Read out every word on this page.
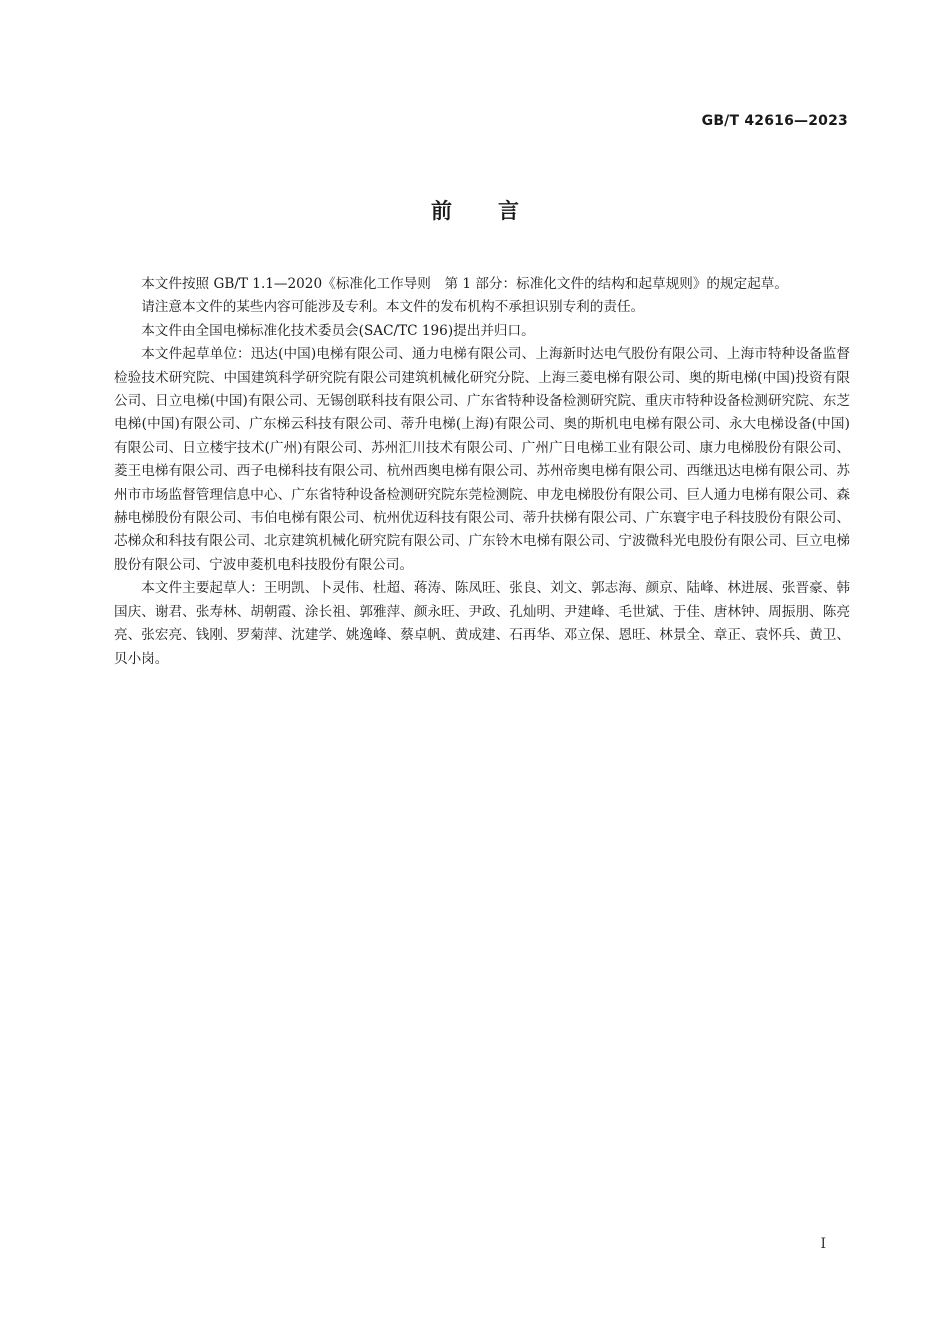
GB/T 42616—2023
前言

本文件按照 GB/T 1.1—2020《标准化工作导则　第 1 部分：标准化文件的结构和起草规则》的规定起草。

请注意本文件的某些内容可能涉及专利。本文件的发布机构不承担识别专利的责任。

本文件由全国电梯标准化技术委员会(SAC/TC 196)提出并归口。

本文件起草单位：迅达(中国)电梯有限公司、通力电梯有限公司、上海新时达电气股份有限公司、上海市特种设备监督检验技术研究院、中国建筑科学研究院有限公司建筑机械化研究分院、上海三菱电梯有限公司、奥的斯电梯(中国)投资有限公司、日立电梯(中国)有限公司、无锡创联科技有限公司、广东省特种设备检测研究院、重庆市特种设备检测研究院、东芝电梯(中国)有限公司、广东梯云科技有限公司、蒂升电梯(上海)有限公司、奥的斯机电电梯有限公司、永大电梯设备(中国)有限公司、日立楼宇技术(广州)有限公司、苏州汇川技术有限公司、广州广日电梯工业有限公司、康力电梯股份有限公司、菱王电梯有限公司、西子电梯科技有限公司、杭州西奥电梯有限公司、苏州帝奥电梯有限公司、西继迅达电梯有限公司、苏州市市场监督管理信息中心、广东省特种设备检测研究院东莞检测院、申龙电梯股份有限公司、巨人通力电梯有限公司、森赫电梯股份有限公司、韦伯电梯有限公司、杭州优迈科技有限公司、蒂升扶梯有限公司、广东寰宇电子科技股份有限公司、芯梯众和科技有限公司、北京建筑机械化研究院有限公司、广东铃木电梯有限公司、宁波微科光电股份有限公司、巨立电梯股份有限公司、宁波申菱机电科技股份有限公司。

本文件主要起草人：王明凯、卜灵伟、杜超、蒋涛、陈凤旺、张良、刘文、郭志海、颜京、陆峰、林进展、张晋豪、韩国庆、谢君、张寿林、胡朝霞、涂长祖、郭雅萍、颜永旺、尹政、孔灿明、尹建峰、毛世斌、于佳、唐林钟、周振朋、陈亮亮、张宏亮、钱刚、罗菊萍、沈建学、姚逸峰、蔡卓帆、黄成建、石再华、邓立保、恩旺、林景全、章正、袁怀兵、黄卫、贝小岗。

I
